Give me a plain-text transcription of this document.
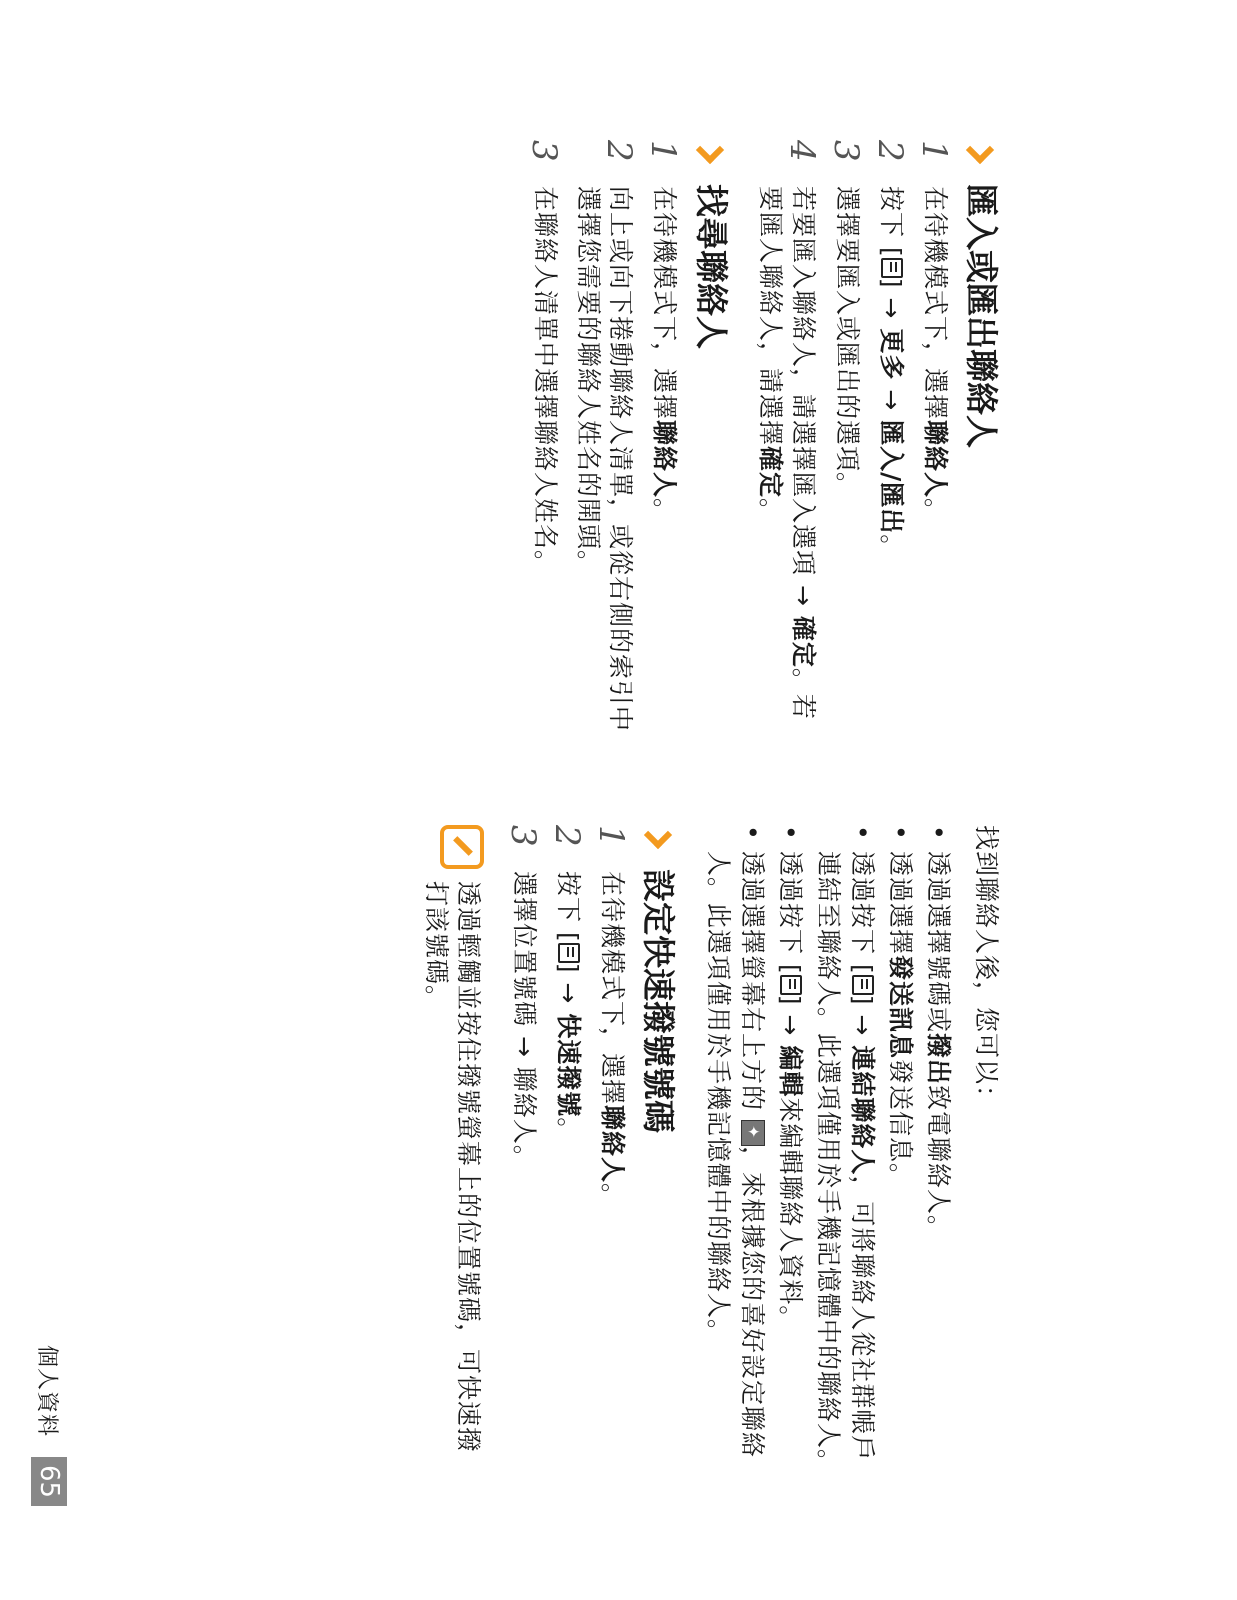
匯入或匯出聯絡人
1
在待機模式下，選擇聯絡人。
2
按下 [] → 更多 → 匯入/匯出。
3
選擇要匯入或匯出的選項。
4
若要匯入聯絡人，請選擇匯入選項 → 確定。若要匯人聯絡人，請選擇確定。
找尋聯絡人
1
在待機模式下，選擇聯絡人。
2
向上或向下捲動聯絡人清單，或從右側的索引中選擇您需要的聯絡人姓名的開頭。
3
在聯絡人清單中選擇聯絡人姓名。

找到聯絡人後，您可以：

•
透過選擇號碼或撥出致電聯絡人。
•
透過選擇發送訊息發送信息。
•
透過按下 [] → 連結聯絡人，可將聯絡人從社群帳戶連結至聯絡人。此選項僅用於手機記憶體中的聯絡人。
•
透過按下 [] → 編輯來編輯聯絡人資料。
•
透過選擇螢幕右上方的 ✦，來根據您的喜好設定聯絡人。此選項僅用於手機記憶體中的聯絡人。
設定快速撥號號碼
1
在待機模式下，選擇聯絡人。
2
按下 [] → 快速撥號。
3
選擇位置號碼 → 聯絡人。
透過輕觸並按住撥號螢幕上的位置號碼，可快速撥打該號碼。
個人資料
65
